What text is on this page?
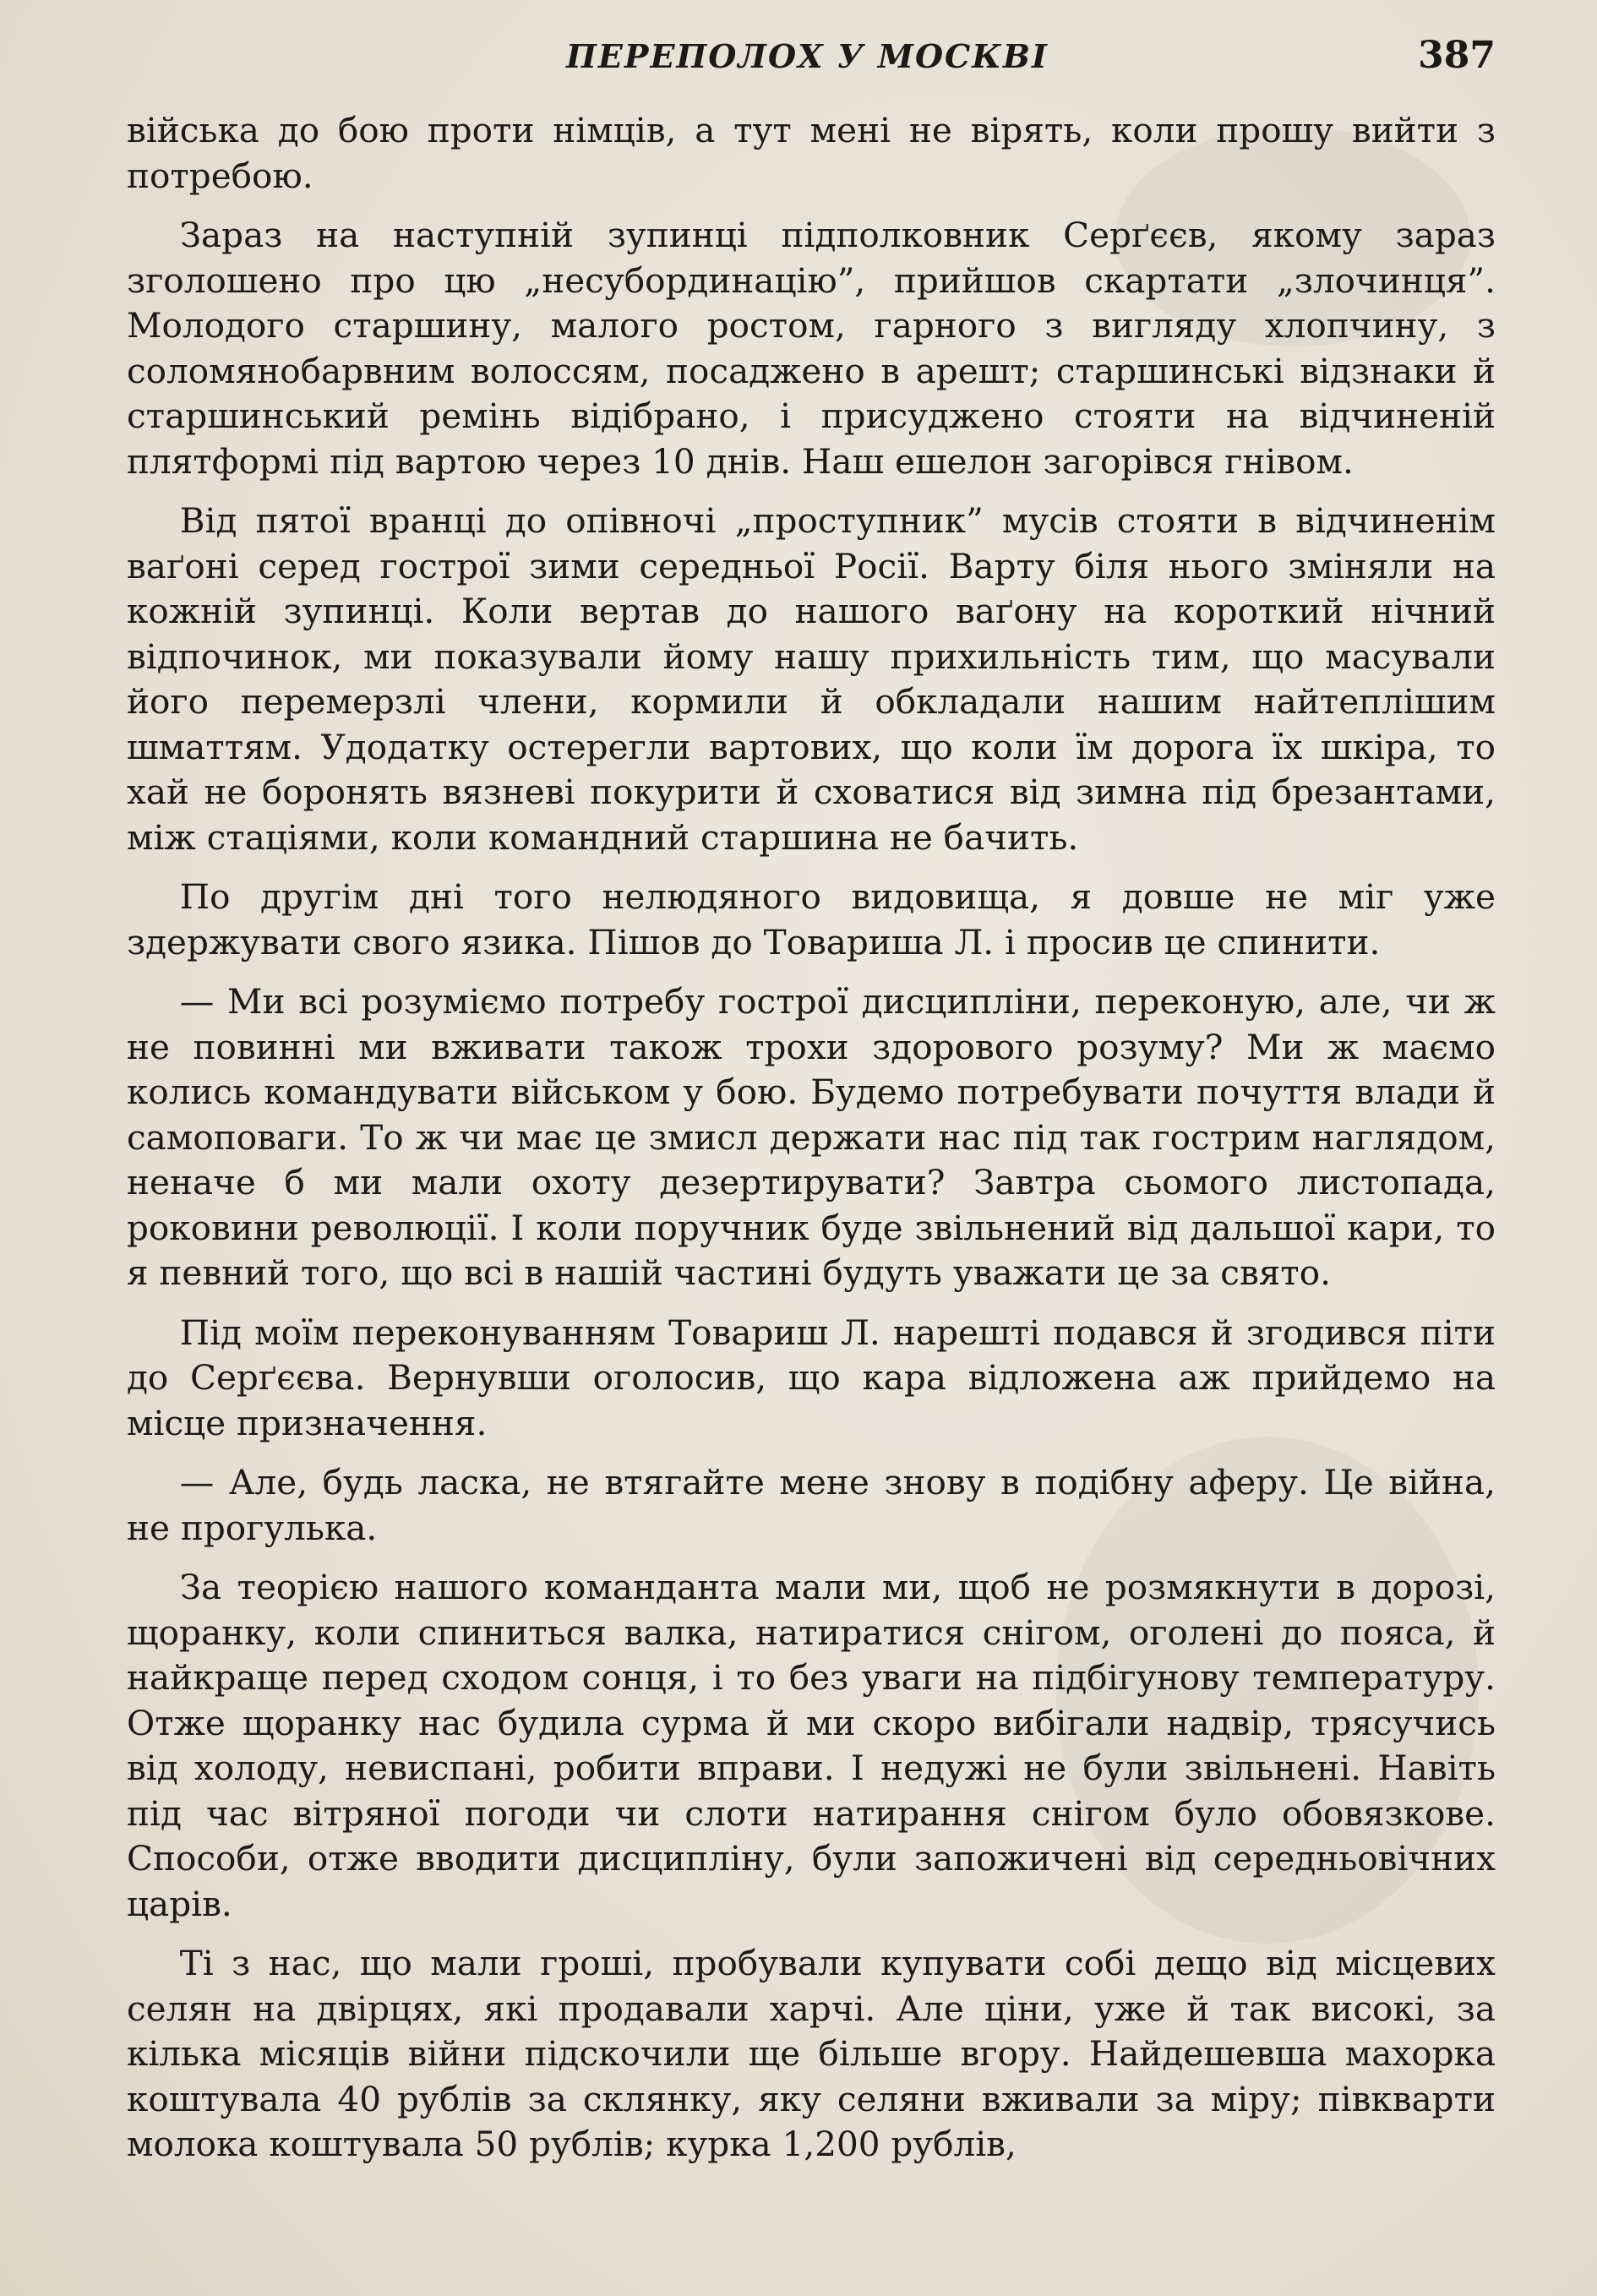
ПЕРЕПОЛОХ У МОСКВІ	387

війська до бою проти німців, а тут мені не вірять, коли прошу вийти з потребою.

Зараз на наступній зупинці підполковник Серґєєв, якому зараз зголошено про цю „несубординацію”, прийшов скартати „злочинця”. Молодого старшину, малого ростом, гарного з вигляду хлопчину, з соломянобарвним волоссям, посаджено в арешт; старшинські відзнаки й старшинський ремінь відібрано, і присуджено стояти на відчиненій плятформі під вартою через 10 днів. Наш ешелон загорівся гнівом.

Від пятої вранці до опівночі „проступник” мусів стояти в відчиненім ваґоні серед гострої зими середньої Росії. Варту біля нього зміняли на кожній зупинці. Коли вертав до нашого ваґону на короткий нічний відпочинок, ми показували йому нашу прихильність тим, що масували його перемерзлі члени, кормили й обкладали нашим найтеплішим шматтям. Удодатку остерегли вартових, що коли їм дорога їх шкіра, то хай не боронять вязневі покурити й сховатися від зимна під брезантами, між стаціями, коли командний старшина не бачить.

По другім дні того нелюдяного видовища, я довше не міг уже здержувати свого язика. Пішов до Товариша Л. і просив це спинити.

— Ми всі розуміємо потребу гострої дисципліни, переконую, але, чи ж не повинні ми вживати також трохи здорового розуму? Ми ж маємо колись командувати військом у бою. Будемо потребувати почуття влади й самоповаги. То ж чи має це змисл держати нас під так гострим наглядом, неначе б ми мали охоту дезертирувати? Завтра сьомого листопада, роковини революції. І коли поручник буде звільнений від дальшої кари, то я певний того, що всі в нашій частині будуть уважати це за свято.

Під моїм переконуванням Товариш Л. нарешті подався й згодився піти до Серґєєва. Вернувши оголосив, що кара відложена аж прийдемо на місце призначення.

— Але, будь ласка, не втягайте мене знову в подібну аферу. Це війна, не прогулька.

За теорією нашого команданта мали ми, щоб не розмякнути в дорозі, щоранку, коли спиниться валка, натиратися снігом, оголені до пояса, й найкраще перед сходом сонця, і то без уваги на підбігунову температуру. Отже щоранку нас будила сурма й ми скоро вибігали надвір, трясучись від холоду, невиспані, робити вправи. І недужі не були звільнені. Навіть під час вітряної погоди чи слоти натирання снігом було обовязкове. Способи, отже вводити дисципліну, були запожичені від середньовічних царів.

Ті з нас, що мали гроші, пробували купувати собі дещо від місцевих селян на двірцях, які продавали харчі. Але ціни, уже й так високі, за кілька місяців війни підскочили ще більше вгору. Найдешевша махорка коштувала 40 рублів за склянку, яку селяни вживали за міру; півкварти молока коштувала 50 рублів; курка 1,200 рублів,
